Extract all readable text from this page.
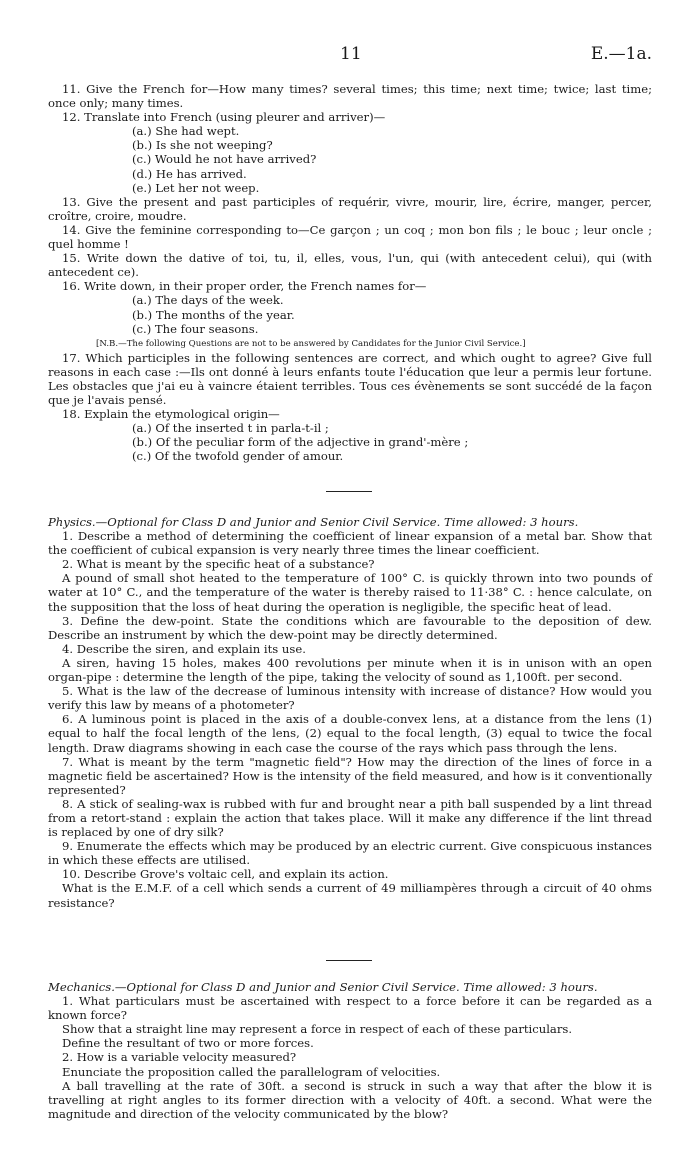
11	E.—1a.

11. Give the French for—How many times? several times; this time; next time; twice; last time; once only; many times.

12. Translate into French (using pleurer and arriver)—

(a.) She had wept.

(b.) Is she not weeping?

(c.) Would he not have arrived?

(d.) He has arrived.

(e.) Let her not weep.

13. Give the present and past participles of requérir, vivre, mourir, lire, écrire, manger, percer, croître, croire, moudre.

14. Give the feminine corresponding to—Ce garçon ; un coq ; mon bon fils ; le bouc ; leur oncle ; quel homme !

15. Write down the dative of toi, tu, il, elles, vous, l'un, qui (with antecedent celui), qui (with antecedent ce).

16. Write down, in their proper order, the French names for—

(a.) The days of the week.

(b.) The months of the year.

(c.) The four seasons.

[N.B.—The following Questions are not to be answered by Candidates for the Junior Civil Service.]

17. Which participles in the following sentences are correct, and which ought to agree? Give full reasons in each case :—Ils ont donné à leurs enfants toute l'éducation que leur a permis leur fortune. Les obstacles que j'ai eu à vaincre étaient terribles. Tous ces évènements se sont succédé de la façon que je l'avais pensé.

18. Explain the etymological origin—

(a.) Of the inserted t in parla-t-il ;

(b.) Of the peculiar form of the adjective in grand'-mère ;

(c.) Of the twofold gender of amour.

Physics.—Optional for Class D and Junior and Senior Civil Service. Time allowed: 3 hours.

1. Describe a method of determining the coefficient of linear expansion of a metal bar. Show that the coefficient of cubical expansion is very nearly three times the linear coefficient.

2. What is meant by the specific heat of a substance?

A pound of small shot heated to the temperature of 100° C. is quickly thrown into two pounds of water at 10° C., and the temperature of the water is thereby raised to 11·38° C. : hence calculate, on the supposition that the loss of heat during the operation is negligible, the specific heat of lead.

3. Define the dew-point. State the conditions which are favourable to the deposition of dew. Describe an instrument by which the dew-point may be directly determined.

4. Describe the siren, and explain its use.

A siren, having 15 holes, makes 400 revolutions per minute when it is in unison with an open organ-pipe : determine the length of the pipe, taking the velocity of sound as 1,100ft. per second.

5. What is the law of the decrease of luminous intensity with increase of distance? How would you verify this law by means of a photometer?

6. A luminous point is placed in the axis of a double-convex lens, at a distance from the lens (1) equal to half the focal length of the lens, (2) equal to the focal length, (3) equal to twice the focal length. Draw diagrams showing in each case the course of the rays which pass through the lens.

7. What is meant by the term "magnetic field"? How may the direction of the lines of force in a magnetic field be ascertained? How is the intensity of the field measured, and how is it conventionally represented?

8. A stick of sealing-wax is rubbed with fur and brought near a pith ball suspended by a lint thread from a retort-stand : explain the action that takes place. Will it make any difference if the lint thread is replaced by one of dry silk?

9. Enumerate the effects which may be produced by an electric current. Give conspicuous instances in which these effects are utilised.

10. Describe Grove's voltaic cell, and explain its action.

What is the E.M.F. of a cell which sends a current of 49 milliampères through a circuit of 40 ohms resistance?

Mechanics.—Optional for Class D and Junior and Senior Civil Service. Time allowed: 3 hours.

1. What particulars must be ascertained with respect to a force before it can be regarded as a known force?

Show that a straight line may represent a force in respect of each of these particulars.

Define the resultant of two or more forces.

2. How is a variable velocity measured?

Enunciate the proposition called the parallelogram of velocities.

A ball travelling at the rate of 30ft. a second is struck in such a way that after the blow it is travelling at right angles to its former direction with a velocity of 40ft. a second. What were the magnitude and direction of the velocity communicated by the blow?
